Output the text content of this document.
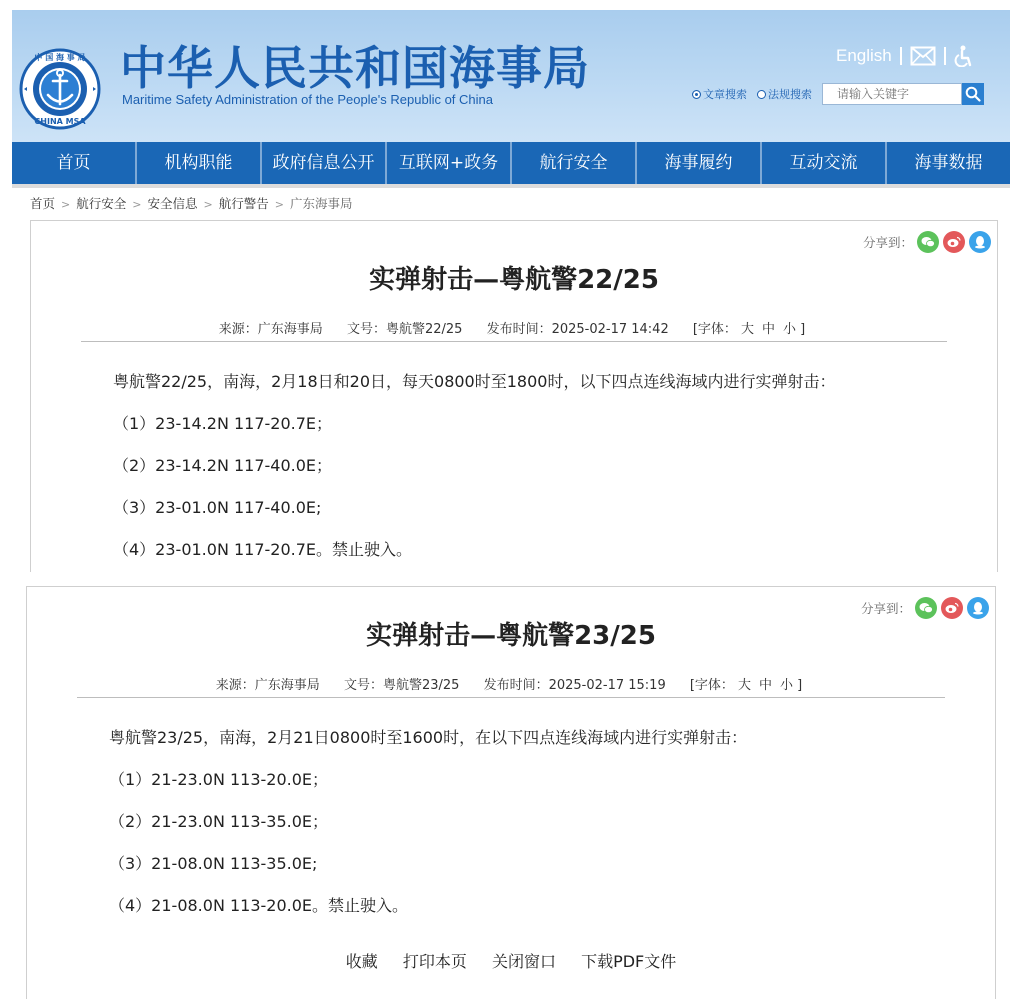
中 国 海 事 局
CHINA MSA
中华人民共和国海事局
Maritime Safety Administration of the People's Republic of China
English
文章搜索 法规搜索
请输入关键字
首页	机构职能	政府信息公开	互联网+政务	航行安全	海事履约	互动交流	海事数据
首页 > 航行安全 > 安全信息 > 航行警告 > 广东海事局
分享到：
实弹射击—粤航警22/25
来源：广东海事局 文号：粤航警22/25 发布时间：2025-02-17 14:42 [字体： 大 中 小 ]
粤航警22/25，南海，2月18日和20日，每天0800时至1800时，以下四点连线海域内进行实弹射击：
（1）23-14.2N 117-20.7E；
（2）23-14.2N 117-40.0E；
（3）23-01.0N 117-40.0E;
（4）23-01.0N 117-20.7E。禁止驶入。
分享到：
实弹射击—粤航警23/25
来源：广东海事局 文号：粤航警23/25 发布时间：2025-02-17 15:19 [字体： 大 中 小 ]
粤航警23/25，南海，2月21日0800时至1600时，在以下四点连线海域内进行实弹射击：
（1）21-23.0N 113-20.0E；
（2）21-23.0N 113-35.0E；
（3）21-08.0N 113-35.0E;
（4）21-08.0N 113-20.0E。禁止驶入。
收藏 打印本页 关闭窗口 下载PDF文件
